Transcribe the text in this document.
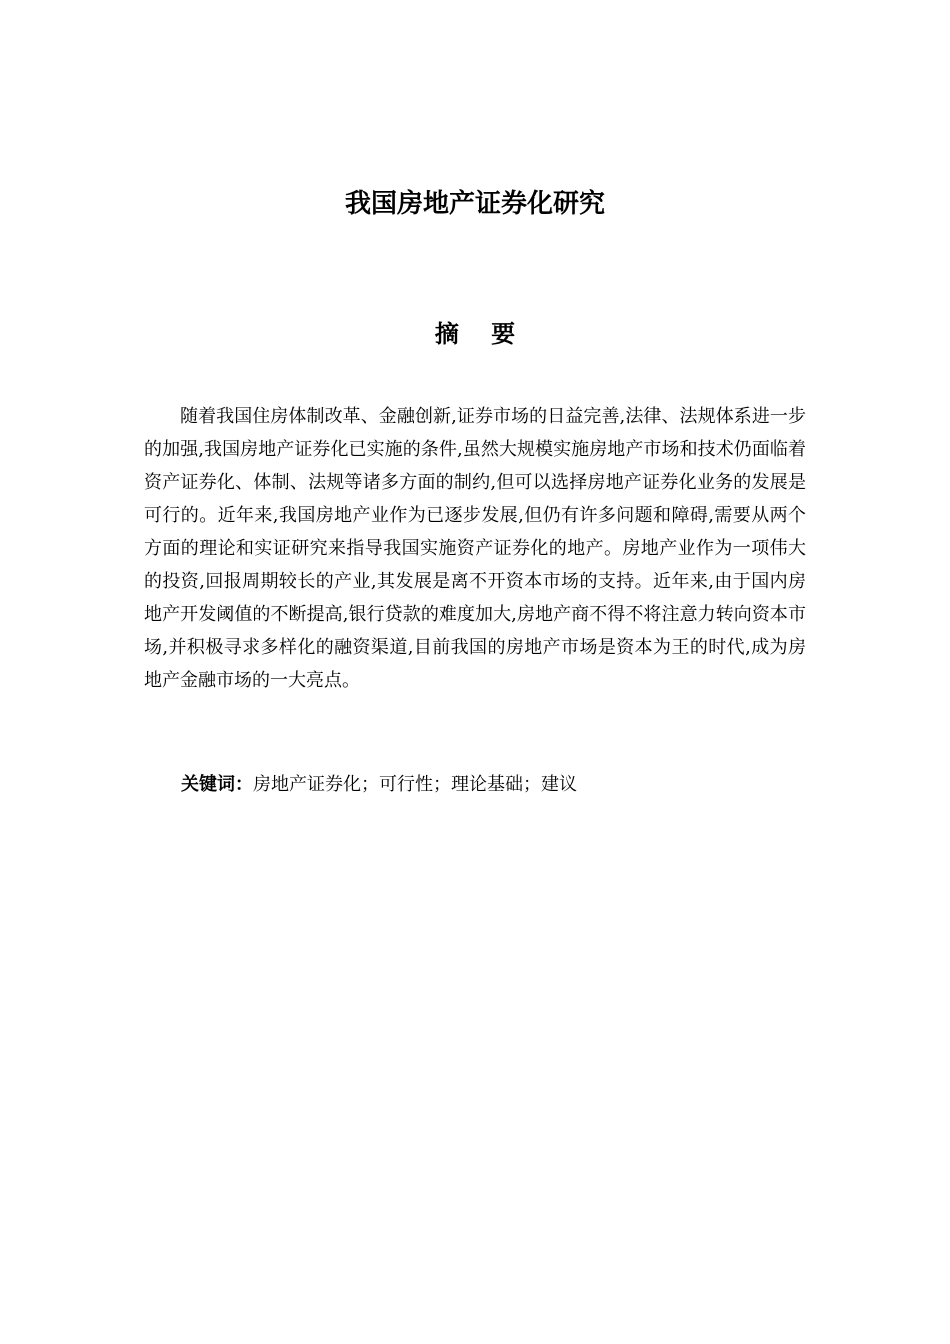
我国房地产证券化研究
摘 要

随着我国住房体制改革、金融创新,证券市场的日益完善,法律、法规体系进一步的加强,我国房地产证券化已实施的条件,虽然大规模实施房地产市场和技术仍面临着资产证券化、体制、法规等诸多方面的制约,但可以选择房地产证券化业务的发展是可行的。近年来,我国房地产业作为已逐步发展,但仍有许多问题和障碍,需要从两个方面的理论和实证研究来指导我国实施资产证券化的地产。房地产业作为一项伟大的投资,回报周期较长的产业,其发展是离不开资本市场的支持。近年来,由于国内房地产开发阈值的不断提高,银行贷款的难度加大,房地产商不得不将注意力转向资本市场,并积极寻求多样化的融资渠道,目前我国的房地产市场是资本为王的时代,成为房地产金融市场的一大亮点。

关键词：房地产证券化；可行性；理论基础；建议
